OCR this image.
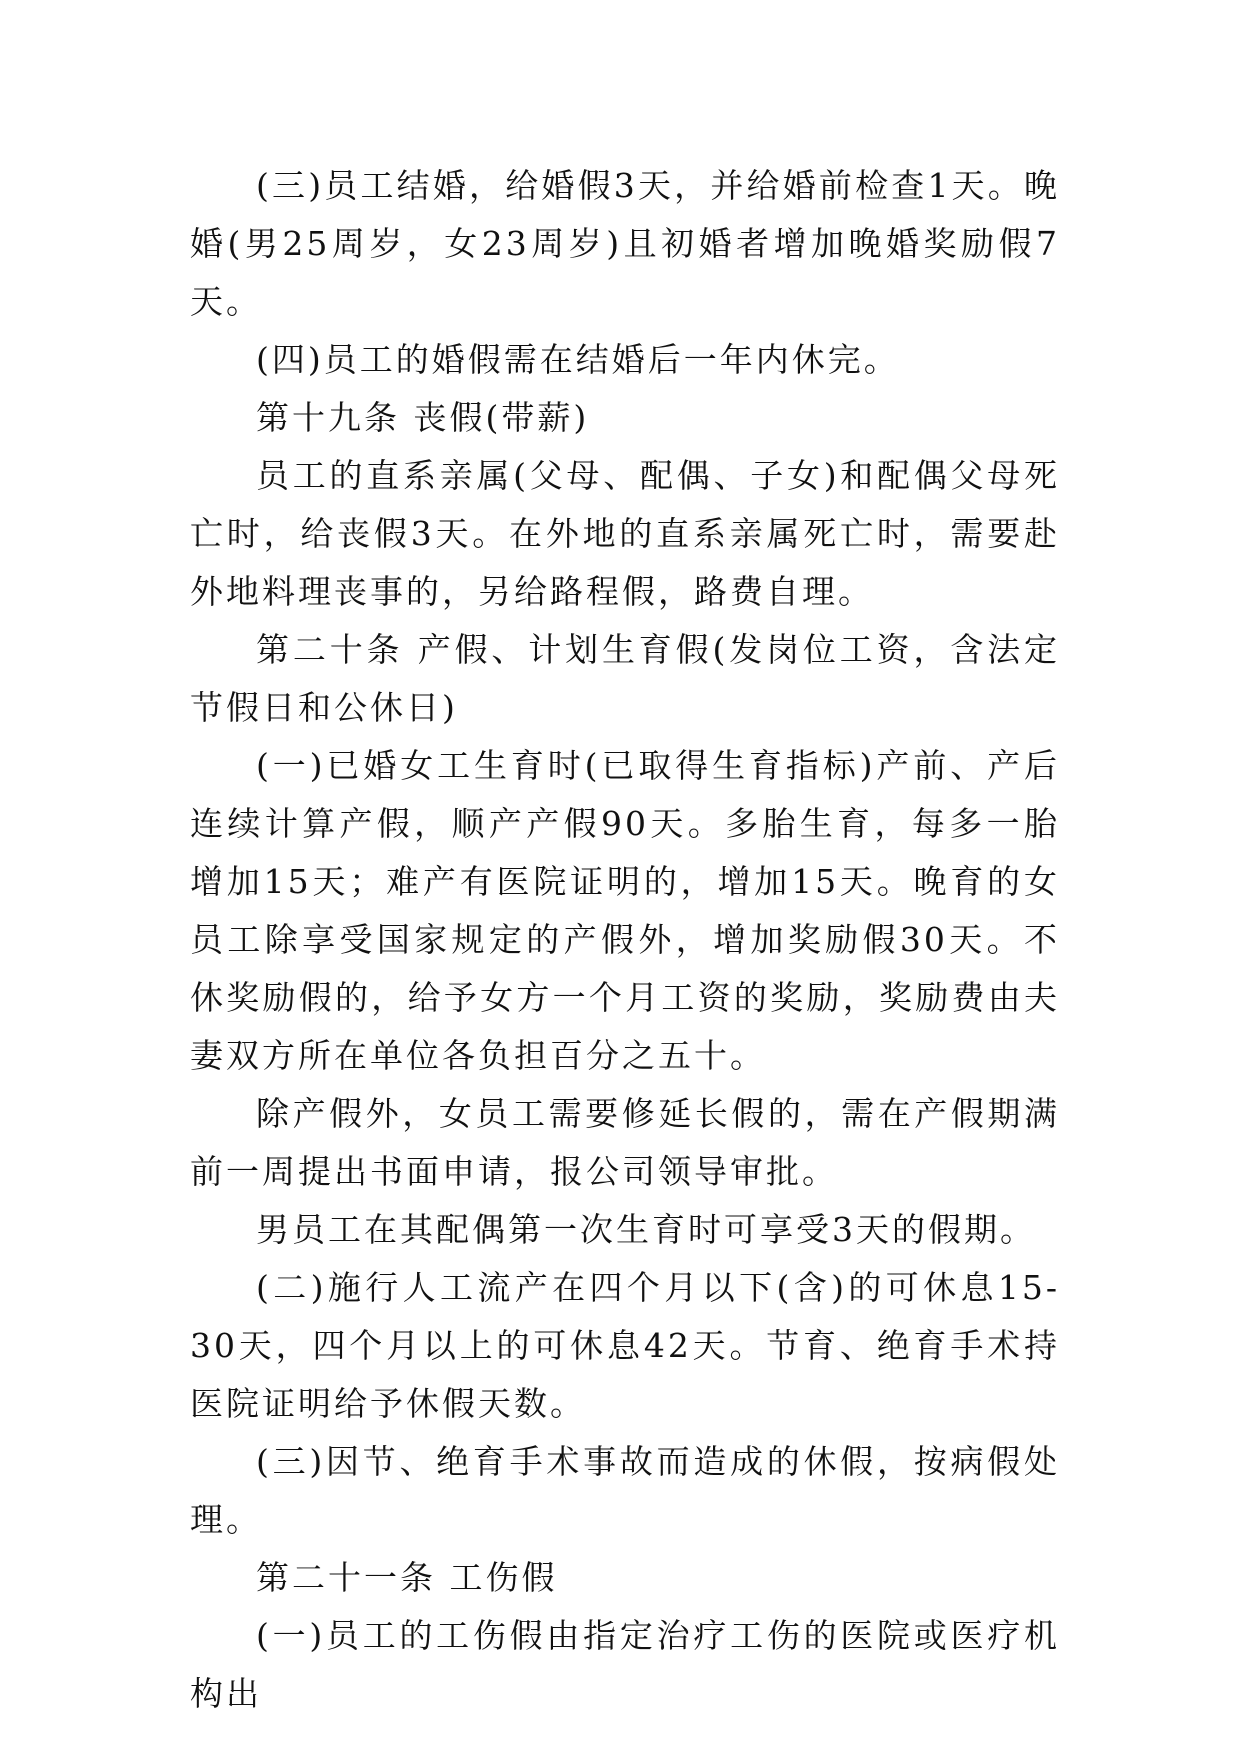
(三)员工结婚，给婚假3天，并给婚前检查1天。晚婚(男25周岁，女23周岁)且初婚者增加晚婚奖励假7天。

(四)员工的婚假需在结婚后一年内休完。

第十九条 丧假(带薪)

员工的直系亲属(父母、配偶、子女)和配偶父母死亡时，给丧假3天。在外地的直系亲属死亡时，需要赴外地料理丧事的，另给路程假，路费自理。

第二十条 产假、计划生育假(发岗位工资，含法定节假日和公休日)

(一)已婚女工生育时(已取得生育指标)产前、产后连续计算产假，顺产产假90天。多胎生育，每多一胎增加15天；难产有医院证明的，增加15天。晚育的女员工除享受国家规定的产假外，增加奖励假30天。不休奖励假的，给予女方一个月工资的奖励，奖励费由夫妻双方所在单位各负担百分之五十。

除产假外，女员工需要修延长假的，需在产假期满前一周提出书面申请，报公司领导审批。

男员工在其配偶第一次生育时可享受3天的假期。

(二)施行人工流产在四个月以下(含)的可休息15-30天，四个月以上的可休息42天。节育、绝育手术持医院证明给予休假天数。

(三)因节、绝育手术事故而造成的休假，按病假处理。

第二十一条 工伤假

(一)员工的工伤假由指定治疗工伤的医院或医疗机构出
